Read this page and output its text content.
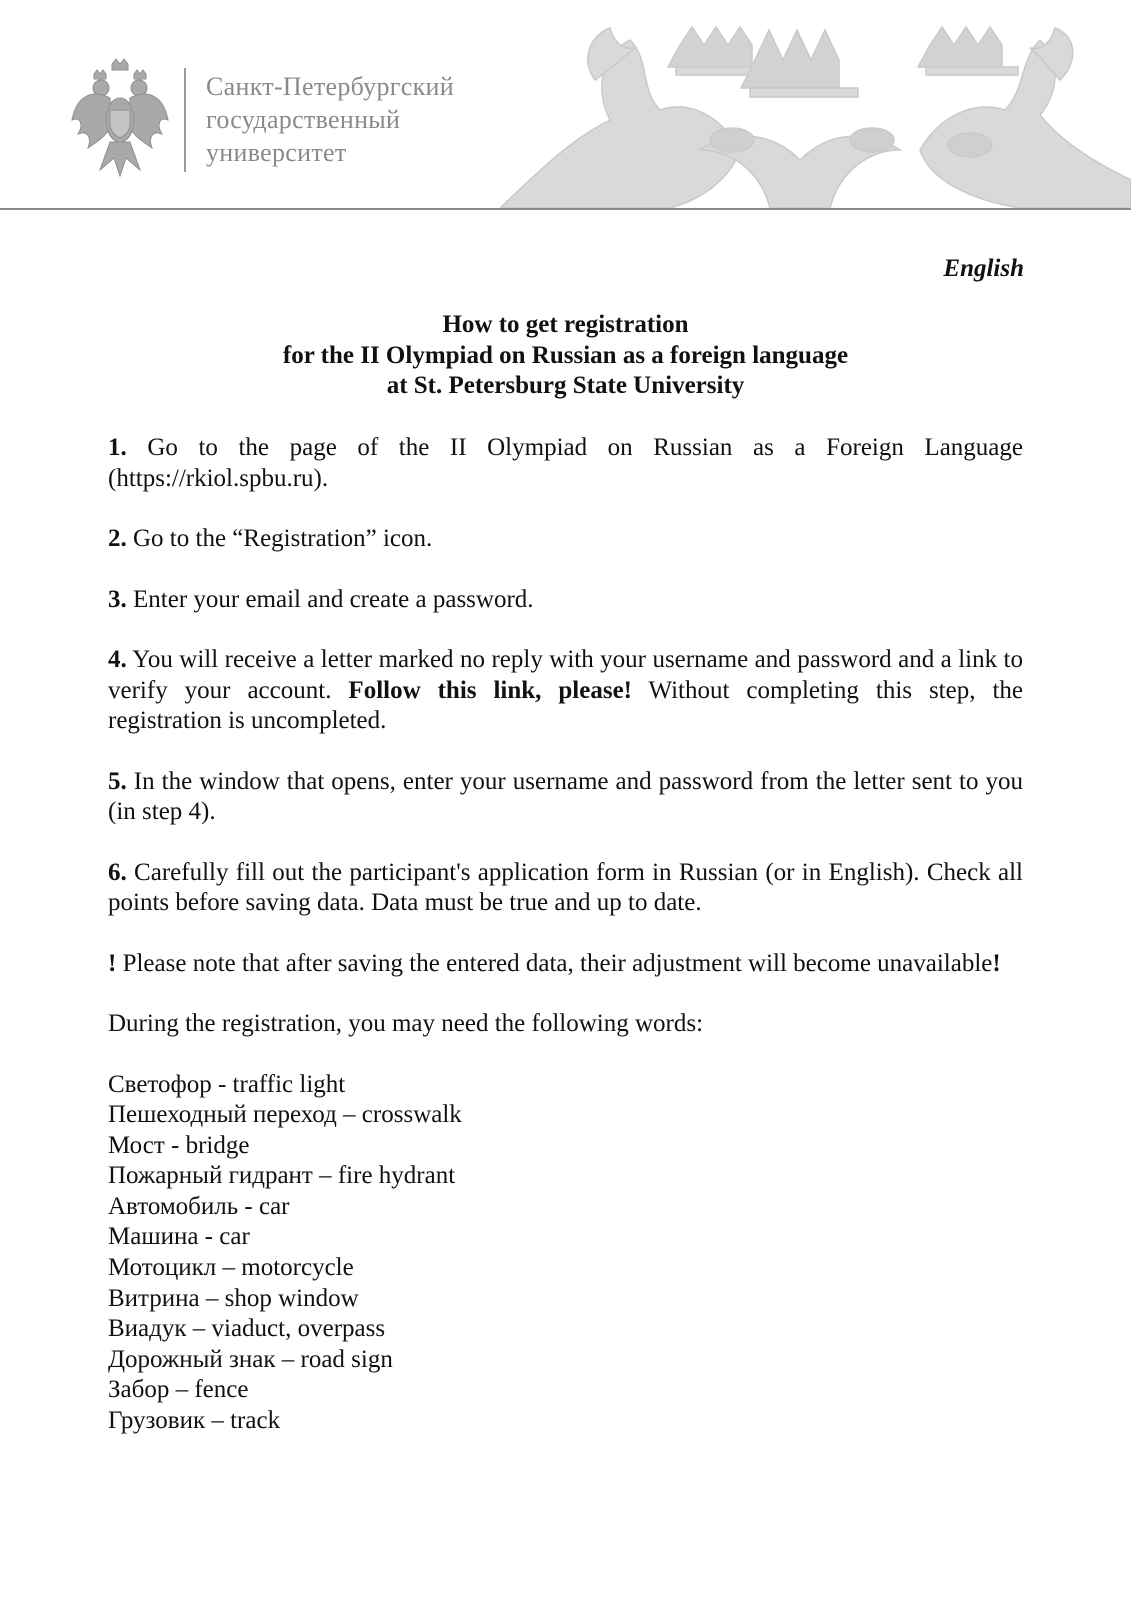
Санкт-Петербургский
государственный
университет
English
How to get registration
for the II Olympiad on Russian as a foreign language
at St. Petersburg State University

1. Go to the page of the II Olympiad on Russian as a Foreign Language (https://rkiol.spbu.ru).

2. Go to the “Registration” icon.

3. Enter your email and create a password.

4. You will receive a letter marked no reply with your username and password and a link to verify your account. Follow this link, please! Without completing this step, the registration is uncompleted.

5. In the window that opens, enter your username and password from the letter sent to you (in step 4).

6. Carefully fill out the participant's application form in Russian (or in English). Check all points before saving data. Data must be true and up to date.

! Please note that after saving the entered data, their adjustment will become unavailable!

During the registration, you may need the following words:

Светофор - traffic light
Пешеходный переход – crosswalk
Мост - bridge
Пожарный гидрант – fire hydrant
Автомобиль - car
Машина - car
Мотоцикл – motorcycle
Витрина – shop window
Виадук – viaduct, overpass
Дорожный знак – road sign
Забор – fence
Грузовик – track
